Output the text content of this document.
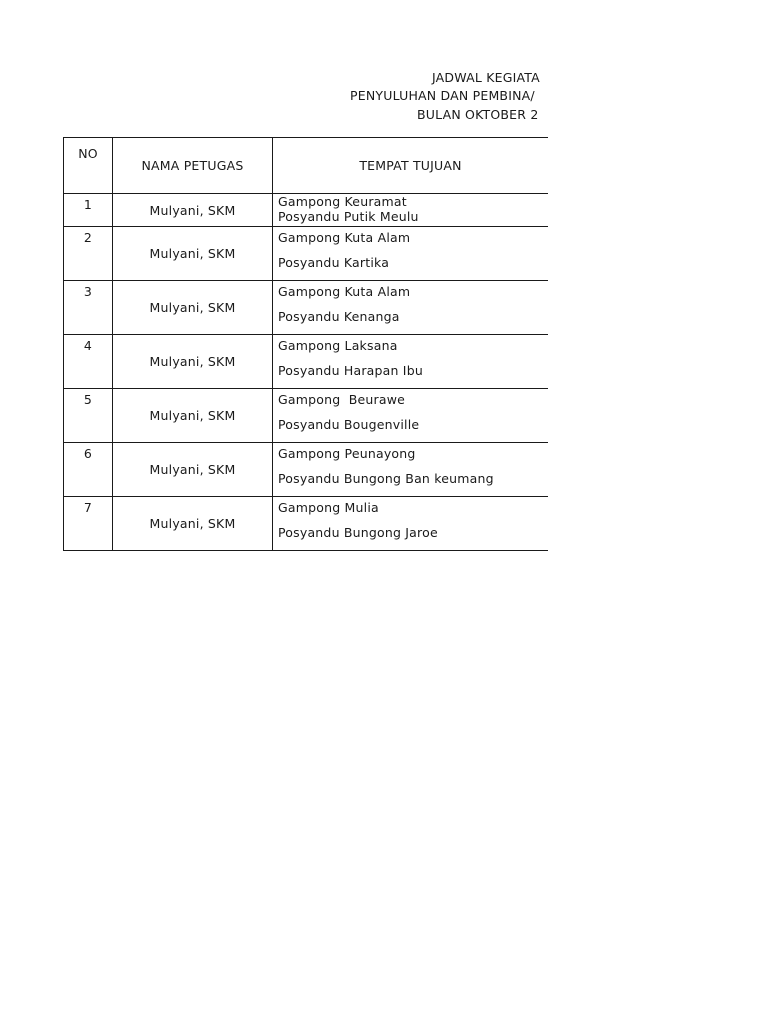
JADWAL KEGIATA
PENYULUHAN DAN PEMBINA/
BULAN OKTOBER 2
NO	NAMA PETUGAS	TEMPAT TUJUAN
1	Mulyani, SKM	Gampong Keuramat
Posyandu Putik Meulu

2	Mulyani, SKM	Gampong Kuta Alam
Posyandu Kartika

3	Mulyani, SKM	Gampong Kuta Alam
Posyandu Kenanga

4	Mulyani, SKM	Gampong Laksana
Posyandu Harapan Ibu

5	Mulyani, SKM	Gampong  Beurawe
Posyandu Bougenville

6	Mulyani, SKM	Gampong Peunayong
Posyandu Bungong Ban keumang

7	Mulyani, SKM	Gampong Mulia
Posyandu Bungong Jaroe
